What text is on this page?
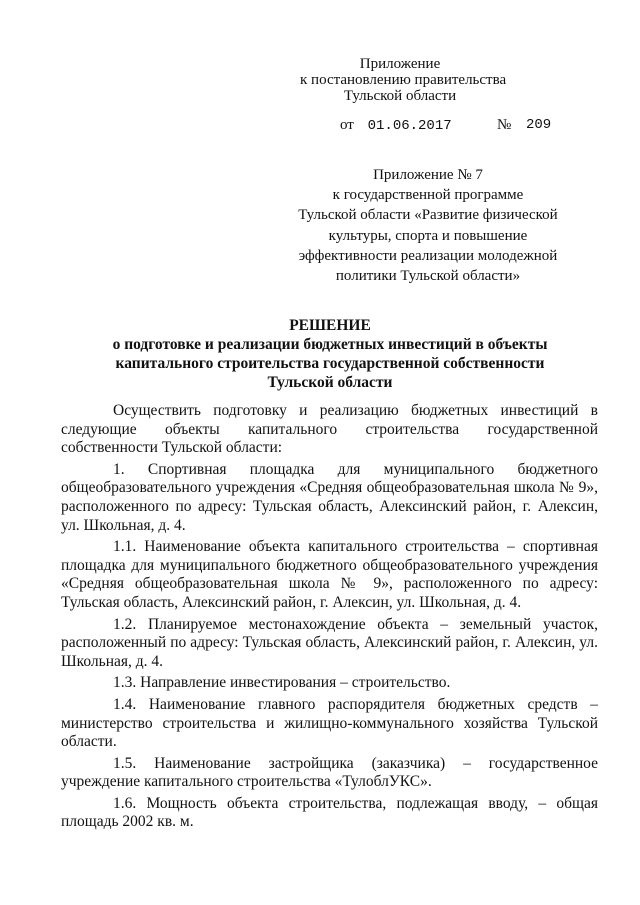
Приложение
к постановлению правительства
Тульской области
от 01.06.2017	№ 209
Приложение № 7
к государственной программе
Тульской области «Развитие физической
культуры, спорта и повышение
эффективности реализации молодежной
политики Тульской области»
РЕШЕНИЕ
о подготовке и реализации бюджетных инвестиций в объекты
капитального строительства государственной собственности
Тульской области

Осуществить подготовку и реализацию бюджетных инвестиций в следующие объекты капитального строительства государственной собственности Тульской области:

1. Спортивная площадка для муниципального бюджетного общеобразовательного учреждения «Средняя общеобразовательная школа № 9», расположенного по адресу: Тульская область, Алексинский район, г. Алексин, ул. Школьная, д. 4.

1.1. Наименование объекта капитального строительства – спортивная площадка для муниципального бюджетного общеобразовательного учреждения «Средняя общеобразовательная школа № 9», расположенного по адресу: Тульская область, Алексинский район, г. Алексин, ул. Школьная, д. 4.

1.2. Планируемое местонахождение объекта – земельный участок, расположенный по адресу: Тульская область, Алексинский район, г. Алексин, ул. Школьная, д. 4.

1.3. Направление инвестирования – строительство.

1.4. Наименование главного распорядителя бюджетных средств – министерство строительства и жилищно-коммунального хозяйства Тульской области.

1.5. Наименование застройщика (заказчика) – государственное учреждение капитального строительства «ТулоблУКС».

1.6. Мощность объекта строительства, подлежащая вводу, – общая площадь 2002 кв. м.
